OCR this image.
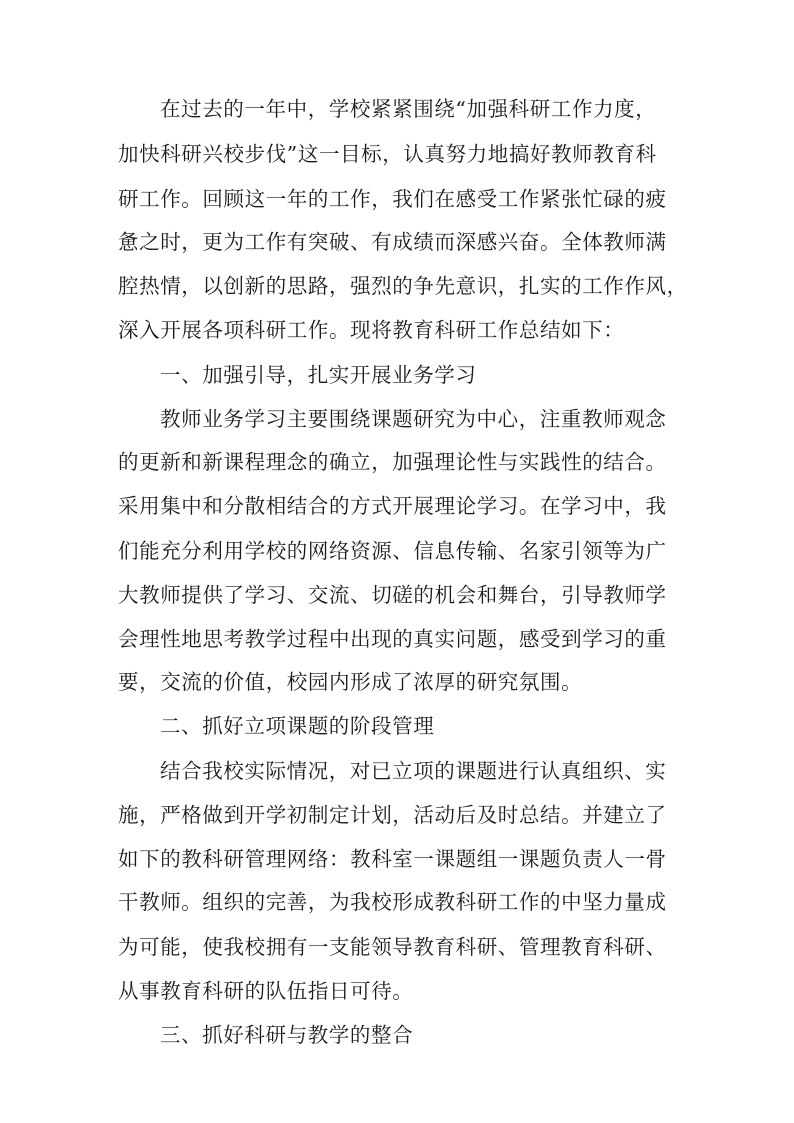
在过去的一年中，学校紧紧围绕“加强科研工作力度，
加快科研兴校步伐”这一目标，认真努力地搞好教师教育科
研工作。回顾这一年的工作，我们在感受工作紧张忙碌的疲
惫之时，更为工作有突破、有成绩而深感兴奋。全体教师满
腔热情，以创新的思路，强烈的争先意识，扎实的工作作风，
深入开展各项科研工作。现将教育科研工作总结如下：
一、加强引导，扎实开展业务学习
教师业务学习主要围绕课题研究为中心，注重教师观念
的更新和新课程理念的确立，加强理论性与实践性的结合。
采用集中和分散相结合的方式开展理论学习。在学习中，我
们能充分利用学校的网络资源、信息传输、名家引领等为广
大教师提供了学习、交流、切磋的机会和舞台，引导教师学
会理性地思考教学过程中出现的真实问题，感受到学习的重
要，交流的价值，校园内形成了浓厚的研究氛围。
二、抓好立项课题的阶段管理
结合我校实际情况，对已立项的课题进行认真组织、实
施，严格做到开学初制定计划，活动后及时总结。并建立了
如下的教科研管理网络：教科室一课题组一课题负责人一骨
干教师。组织的完善，为我校形成教科研工作的中坚力量成
为可能，使我校拥有一支能领导教育科研、管理教育科研、
从事教育科研的队伍指日可待。
三、抓好科研与教学的整合
